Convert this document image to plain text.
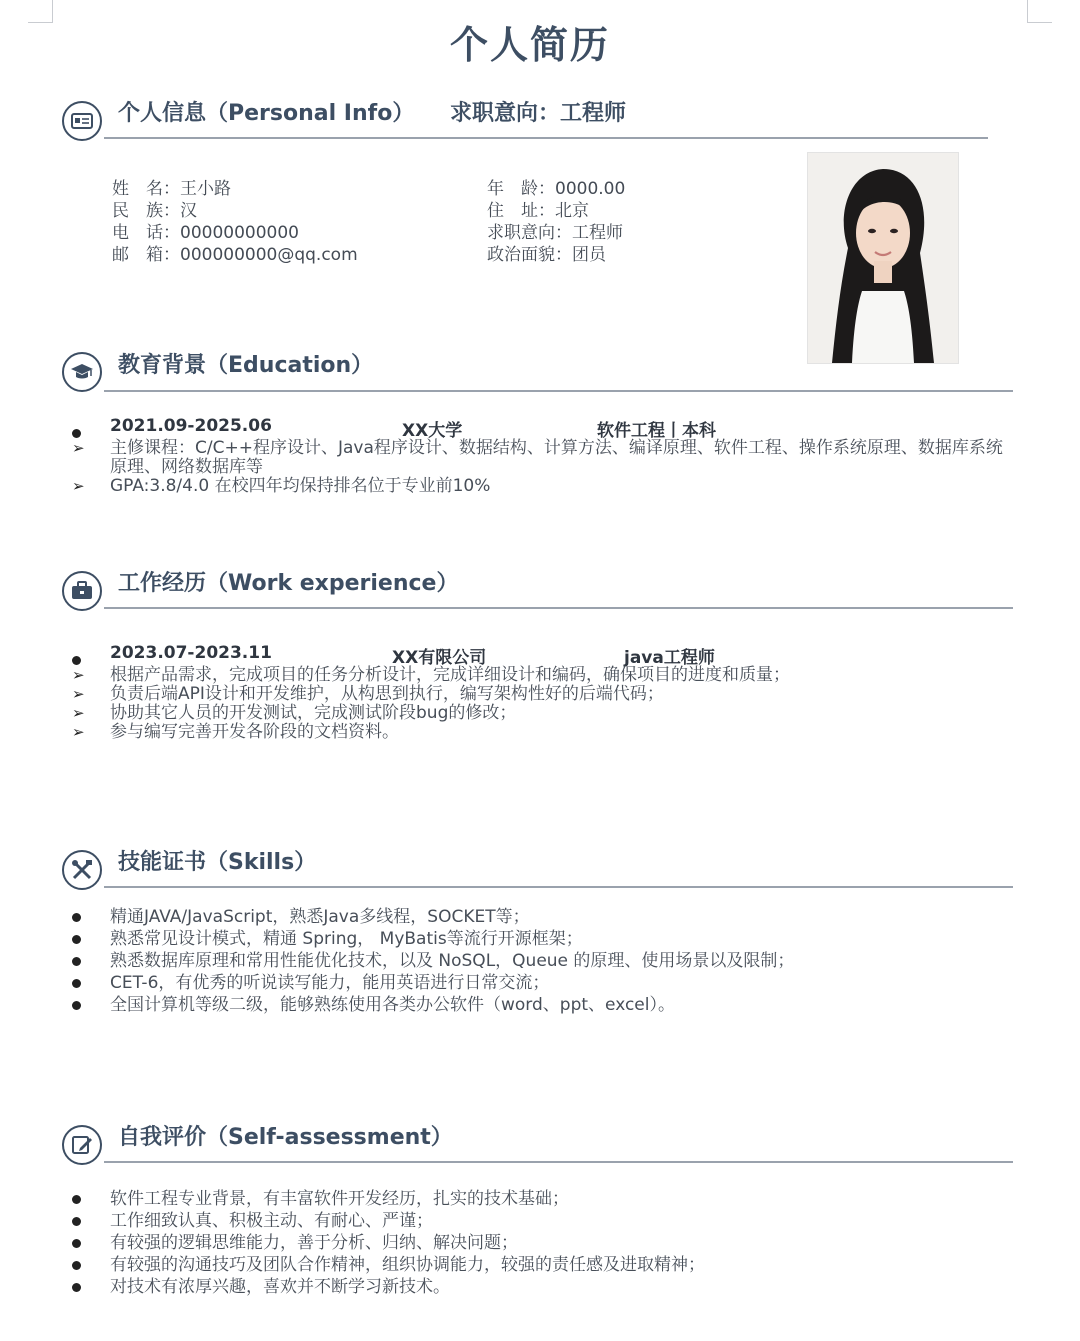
个人简历
个人信息（Personal Info） 求职意向：工程师
姓　名：王小路
民　族：汉
电　话：00000000000
邮　箱：000000000@qq.com
年　龄：0000.00
住　址：北京
求职意向：工程师
政治面貌：团员
教育背景（Education）
2021.09-2025.06	XX大学	软件工程丨本科
➢	主修课程：C/C++程序设计、Java程序设计、数据结构、计算方法、编译原理、软件工程、操作系统原理、数据库系统原理、网络数据库等
➢	GPA:3.8/4.0 在校四年均保持排名位于专业前10%
工作经历（Work experience）
2023.07-2023.11	XX有限公司	java工程师
➢	根据产品需求，完成项目的任务分析设计，完成详细设计和编码，确保项目的进度和质量；
➢	负责后端API设计和开发维护，从构思到执行，编写架构性好的后端代码；
➢	协助其它人员的开发测试，完成测试阶段bug的修改；
➢	参与编写完善开发各阶段的文档资料。
技能证书（Skills）
精通JAVA/JavaScript，熟悉Java多线程，SOCKET等；
熟悉常见设计模式，精通 Spring， MyBatis等流行开源框架；
熟悉数据库原理和常用性能优化技术，以及 NoSQL，Queue 的原理、使用场景以及限制；
CET-6，有优秀的听说读写能力，能用英语进行日常交流；
全国计算机等级二级，能够熟练使用各类办公软件（word、ppt、excel）。
自我评价（Self-assessment）
软件工程专业背景，有丰富软件开发经历，扎实的技术基础；
工作细致认真、积极主动、有耐心、严谨；
有较强的逻辑思维能力，善于分析、归纳、解决问题；
有较强的沟通技巧及团队合作精神，组织协调能力，较强的责任感及进取精神；
对技术有浓厚兴趣，喜欢并不断学习新技术。
